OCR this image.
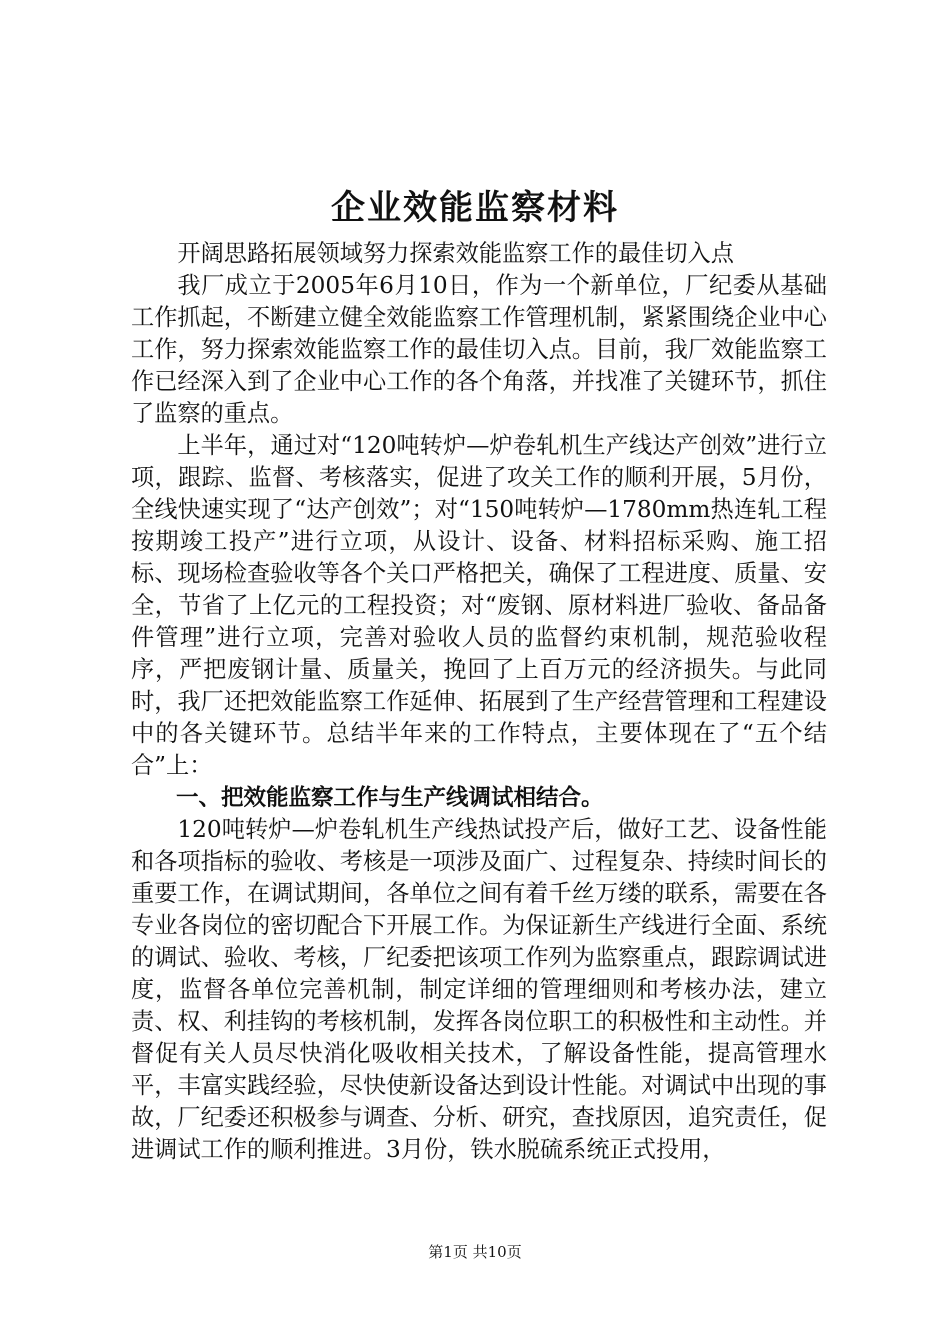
企业效能监察材料

开阔思路拓展领域努力探索效能监察工作的最佳切入点

我厂成立于2005年6月10日，作为一个新单位，厂纪委从基础工作抓起，不断建立健全效能监察工作管理机制，紧紧围绕企业中心工作，努力探索效能监察工作的最佳切入点。目前，我厂效能监察工作已经深入到了企业中心工作的各个角落，并找准了关键环节，抓住了监察的重点。

上半年，通过对“120吨转炉—炉卷轧机生产线达产创效”进行立项，跟踪、监督、考核落实，促进了攻关工作的顺利开展，5月份，全线快速实现了“达产创效”；对“150吨转炉—1780mm热连轧工程按期竣工投产”进行立项，从设计、设备、材料招标采购、施工招标、现场检查验收等各个关口严格把关，确保了工程进度、质量、安全，节省了上亿元的工程投资；对“废钢、原材料进厂验收、备品备件管理”进行立项，完善对验收人员的监督约束机制，规范验收程序，严把废钢计量、质量关，挽回了上百万元的经济损失。与此同时，我厂还把效能监察工作延伸、拓展到了生产经营管理和工程建设中的各关键环节。总结半年来的工作特点，主要体现在了“五个结合”上：

一、把效能监察工作与生产线调试相结合。

120吨转炉—炉卷轧机生产线热试投产后，做好工艺、设备性能和各项指标的验收、考核是一项涉及面广、过程复杂、持续时间长的重要工作，在调试期间，各单位之间有着千丝万缕的联系，需要在各专业各岗位的密切配合下开展工作。为保证新生产线进行全面、系统的调试、验收、考核，厂纪委把该项工作列为监察重点，跟踪调试进度，监督各单位完善机制，制定详细的管理细则和考核办法，建立责、权、利挂钩的考核机制，发挥各岗位职工的积极性和主动性。并督促有关人员尽快消化吸收相关技术，了解设备性能，提高管理水平，丰富实践经验，尽快使新设备达到设计性能。对调试中出现的事故，厂纪委还积极参与调查、分析、研究，查找原因，追究责任，促进调试工作的顺利推进。3月份，铁水脱硫系统正式投用，

第1页 共10页
